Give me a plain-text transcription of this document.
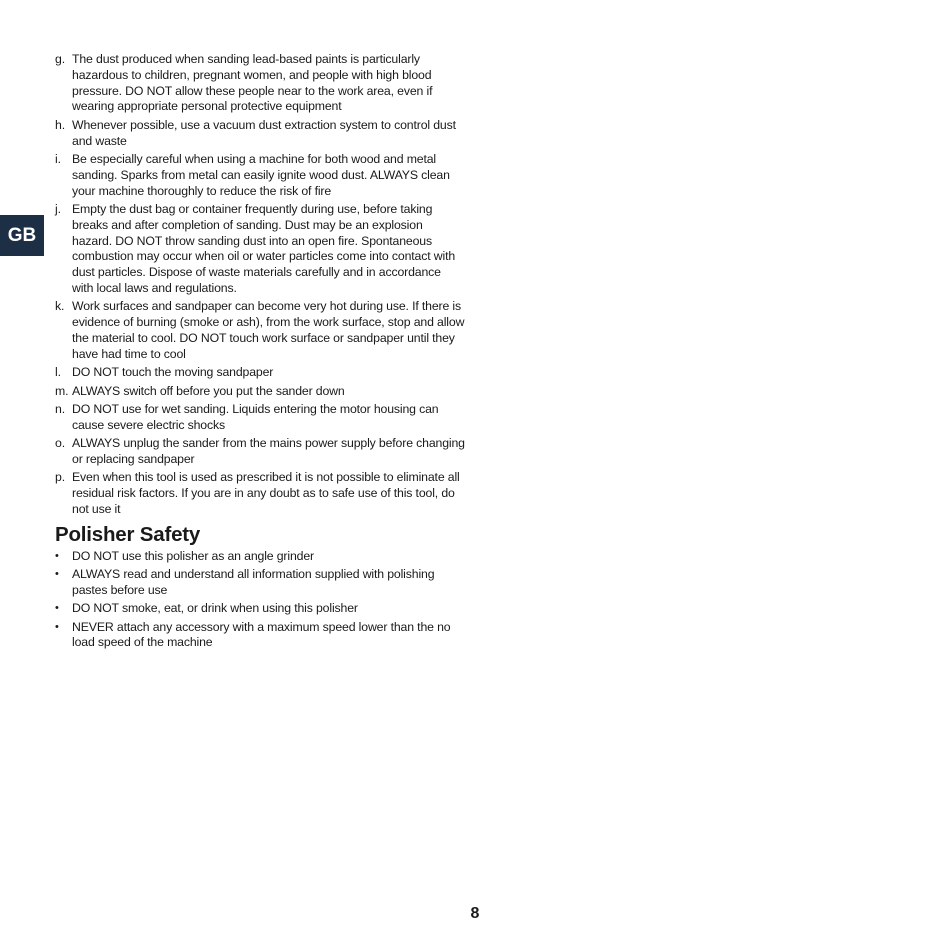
GB
g. The dust produced when sanding lead-based paints is particularly hazardous to children, pregnant women, and people with high blood pressure. DO NOT allow these people near to the work area, even if wearing appropriate personal protective equipment
h. Whenever possible, use a vacuum dust extraction system to control dust and waste
i. Be especially careful when using a machine for both wood and metal sanding. Sparks from metal can easily ignite wood dust. ALWAYS clean your machine thoroughly to reduce the risk of fire
j. Empty the dust bag or container frequently during use, before taking breaks and after completion of sanding. Dust may be an explosion hazard. DO NOT throw sanding dust into an open fire. Spontaneous combustion may occur when oil or water particles come into contact with dust particles. Dispose of waste materials carefully and in accordance with local laws and regulations.
k. Work surfaces and sandpaper can become very hot during use. If there is evidence of burning (smoke or ash), from the work surface, stop and allow the material to cool. DO NOT touch work surface or sandpaper until they have had time to cool
l. DO NOT touch the moving sandpaper
m. ALWAYS switch off before you put the sander down
n. DO NOT use for wet sanding. Liquids entering the motor housing can cause severe electric shocks
o. ALWAYS unplug the sander from the mains power supply before changing or replacing sandpaper
p. Even when this tool is used as prescribed it is not possible to eliminate all residual risk factors. If you are in any doubt as to safe use of this tool, do not use it
Polisher Safety
•	DO NOT use this polisher as an angle grinder
•	ALWAYS read and understand all information supplied with polishing pastes before use
•	DO NOT smoke, eat, or drink when using this polisher
•	NEVER attach any accessory with a maximum speed lower than the no load speed of the machine
8
